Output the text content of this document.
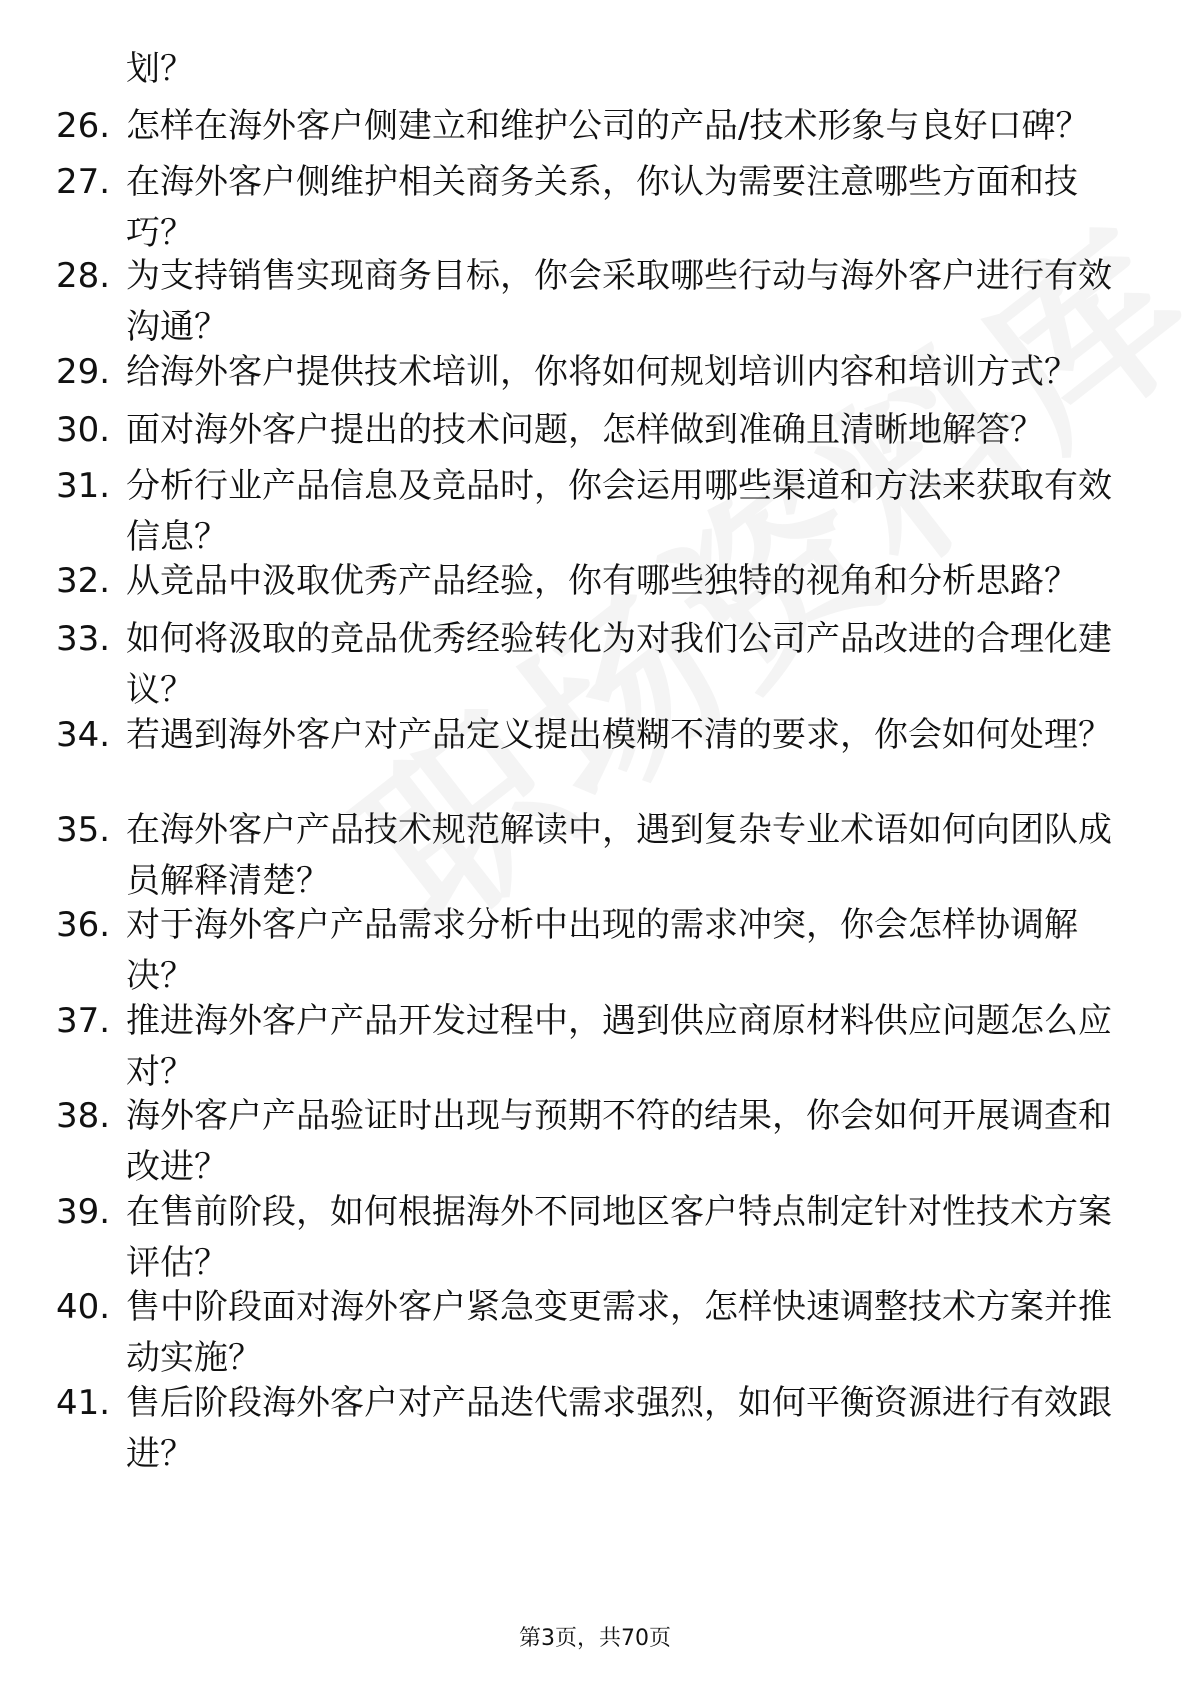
划？
26. 怎样在海外客户侧建立和维护公司的产品/技术形象与良好口碑？
27. 在海外客户侧维护相关商务关系，你认为需要注意哪些方面和技巧？
28. 为支持销售实现商务目标，你会采取哪些行动与海外客户进行有效沟通？
29. 给海外客户提供技术培训，你将如何规划培训内容和培训方式？
30. 面对海外客户提出的技术问题，怎样做到准确且清晰地解答？
31. 分析行业产品信息及竞品时，你会运用哪些渠道和方法来获取有效信息？
32. 从竞品中汲取优秀产品经验，你有哪些独特的视角和分析思路？
33. 如何将汲取的竞品优秀经验转化为对我们公司产品改进的合理化建议？
34. 若遇到海外客户对产品定义提出模糊不清的要求，你会如何处理？
35. 在海外客户产品技术规范解读中，遇到复杂专业术语如何向团队成员解释清楚？
36. 对于海外客户产品需求分析中出现的需求冲突，你会怎样协调解决？
37. 推进海外客户产品开发过程中，遇到供应商原材料供应问题怎么应对？
38. 海外客户产品验证时出现与预期不符的结果，你会如何开展调查和改进？
39. 在售前阶段，如何根据海外不同地区客户特点制定针对性技术方案评估？
40. 售中阶段面对海外客户紧急变更需求，怎样快速调整技术方案并推动实施？
41. 售后阶段海外客户对产品迭代需求强烈，如何平衡资源进行有效跟进？
第3页，共70页
